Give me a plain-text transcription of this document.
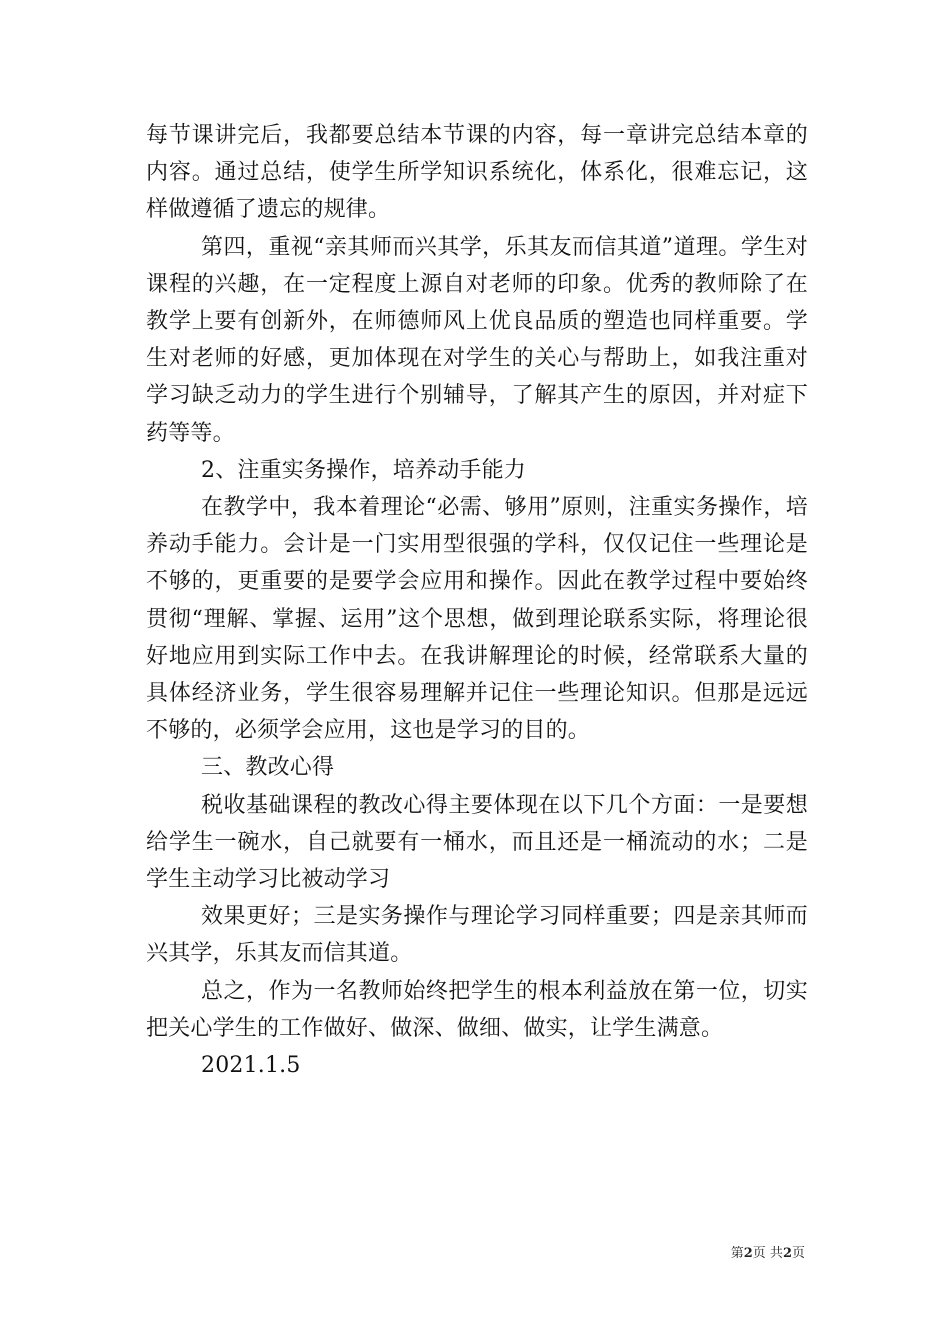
每节课讲完后，我都要总结本节课的内容，每一章讲完总结本章的内容。通过总结，使学生所学知识系统化，体系化，很难忘记，这样做遵循了遗忘的规律。

第四，重视“亲其师而兴其学，乐其友而信其道”道理。学生对课程的兴趣，在一定程度上源自对老师的印象。优秀的教师除了在教学上要有创新外，在师德师风上优良品质的塑造也同样重要。学生对老师的好感，更加体现在对学生的关心与帮助上，如我注重对学习缺乏动力的学生进行个别辅导，了解其产生的原因，并对症下药等等。

2、注重实务操作，培养动手能力

在教学中，我本着理论“必需、够用”原则，注重实务操作，培养动手能力。会计是一门实用型很强的学科，仅仅记住一些理论是不够的，更重要的是要学会应用和操作。因此在教学过程中要始终贯彻“理解、掌握、运用”这个思想，做到理论联系实际，将理论很好地应用到实际工作中去。在我讲解理论的时候，经常联系大量的具体经济业务，学生很容易理解并记住一些理论知识。但那是远远不够的，必须学会应用，这也是学习的目的。

三、教改心得

税收基础课程的教改心得主要体现在以下几个方面：一是要想给学生一碗水，自己就要有一桶水，而且还是一桶流动的水；二是学生主动学习比被动学习

效果更好；三是实务操作与理论学习同样重要；四是亲其师而兴其学，乐其友而信其道。

总之，作为一名教师始终把学生的根本利益放在第一位，切实把关心学生的工作做好、做深、做细、做实，让学生满意。

2021.1.5

第2页 共2页
